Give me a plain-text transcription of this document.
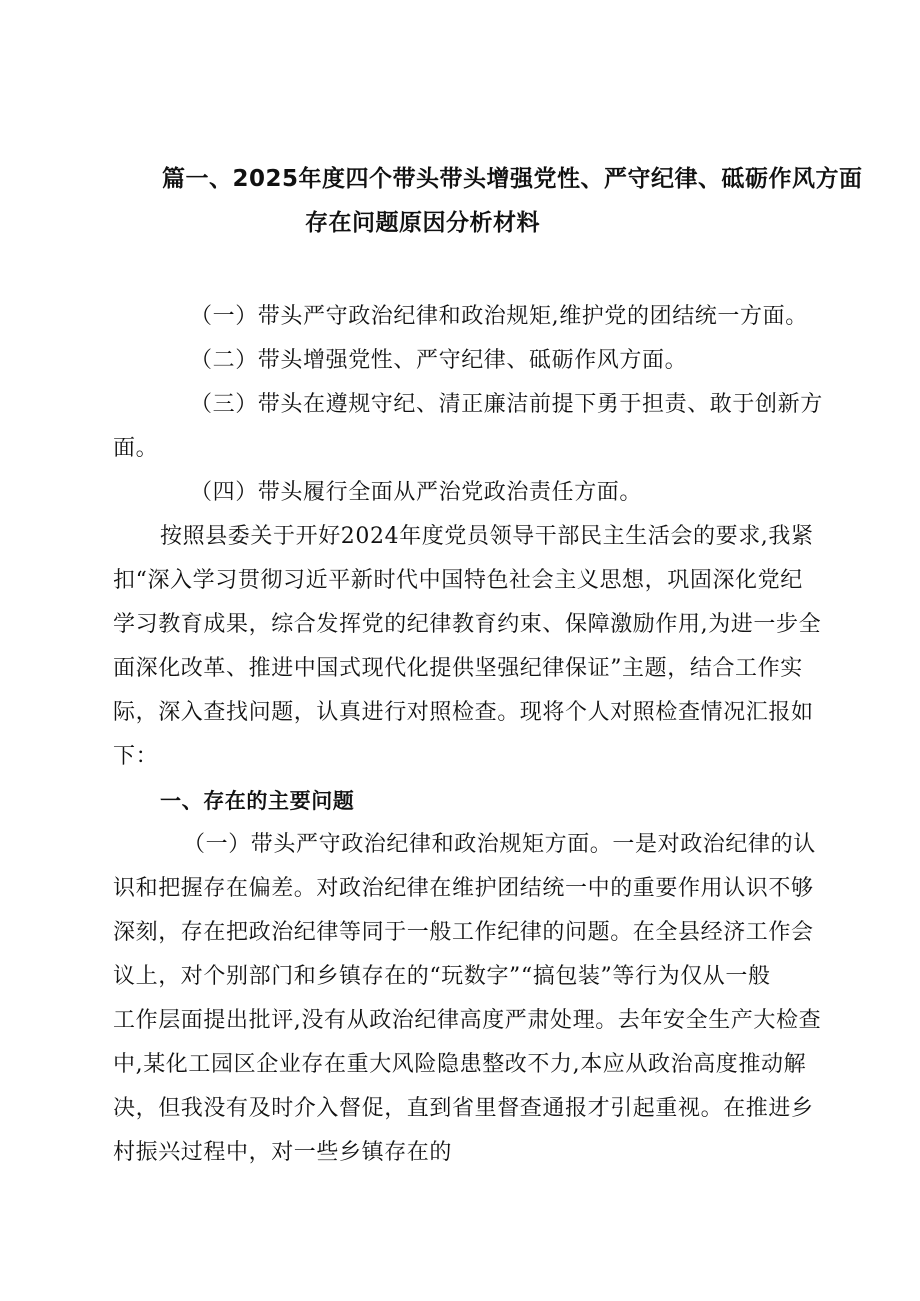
篇一、2025年度四个带头带头增强党性、严守纪律、砥砺作风方面
存在问题原因分析材料
（一）带头严守政治纪律和政治规矩,维护党的团结统一方面。
（二）带头增强党性、严守纪律、砥砺作风方面。
（三）带头在遵规守纪、清正廉洁前提下勇于担责、敢于创新方
面。
（四）带头履行全面从严治党政治责任方面。
按照县委关于开好2024年度党员领导干部民主生活会的要求,我紧
扣“深入学习贯彻习近平新时代中国特色社会主义思想，巩固深化党纪
学习教育成果，综合发挥党的纪律教育约束、保障激励作用,为进一步全
面深化改革、推进中国式现代化提供坚强纪律保证”主题，结合工作实
际，深入查找问题，认真进行对照检查。现将个人对照检查情况汇报如
下：
一、存在的主要问题
（一）带头严守政治纪律和政治规矩方面。一是对政治纪律的认
识和把握存在偏差。对政治纪律在维护团结统一中的重要作用认识不够
深刻，存在把政治纪律等同于一般工作纪律的问题。在全县经济工作会
议上，对个别部门和乡镇存在的“玩数字”“搞包装”等行为仅从一般
工作层面提出批评,没有从政治纪律高度严肃处理。去年安全生产大检查
中,某化工园区企业存在重大风险隐患整改不力,本应从政治高度推动解
决，但我没有及时介入督促，直到省里督查通报才引起重视。在推进乡
村振兴过程中，对一些乡镇存在的
